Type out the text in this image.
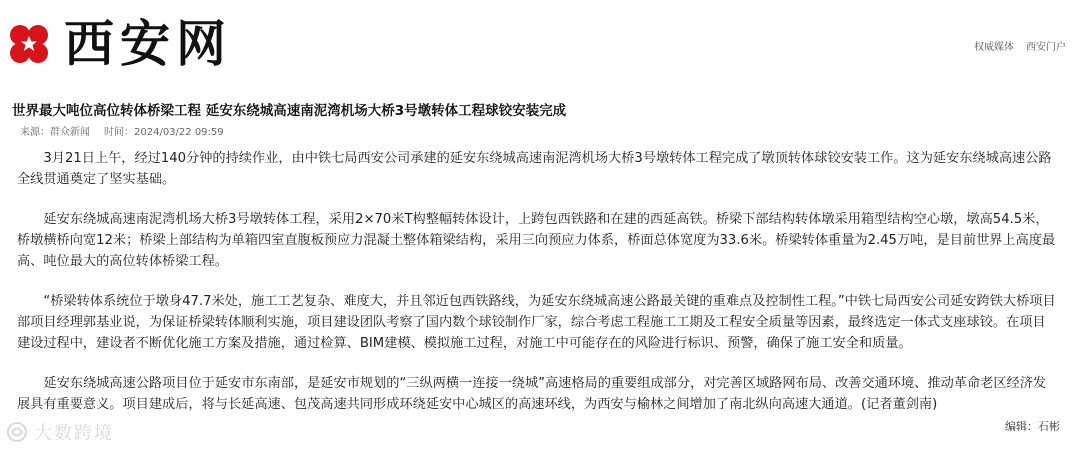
西安网	权威媒体 西安门户
世界最大吨位高位转体桥梁工程 延安东绕城高速南泥湾机场大桥3号墩转体工程球铰安装完成
来源：群众新闻 时间：2024/03/22 09:59

3月21日上午，经过140分钟的持续作业，由中铁七局西安公司承建的延安东绕城高速南泥湾机场大桥3号墩转体工程完成了墩顶转体球铰安装工作。这为延安东绕城高速公路全线贯通奠定了坚实基础。

延安东绕城高速南泥湾机场大桥3号墩转体工程，采用2×70米T构整幅转体设计，上跨包西铁路和在建的西延高铁。桥梁下部结构转体墩采用箱型结构空心墩，墩高54.5米，桥墩横桥向宽12米；桥梁上部结构为单箱四室直腹板预应力混凝土整体箱梁结构，采用三向预应力体系，桥面总体宽度为33.6米。桥梁转体重量为2.45万吨，是目前世界上高度最高、吨位最大的高位转体桥梁工程。

“桥梁转体系统位于墩身47.7米处，施工工艺复杂、难度大，并且邻近包西铁路线，为延安东绕城高速公路最关键的重难点及控制性工程。”中铁七局西安公司延安跨铁大桥项目部项目经理郭基业说，为保证桥梁转体顺利实施，项目建设团队考察了国内数个球铰制作厂家，综合考虑工程施工工期及工程安全质量等因素，最终选定一体式支座球铰。在项目建设过程中，建设者不断优化施工方案及措施，通过检算、BIM建模、模拟施工过程，对施工中可能存在的风险进行标识、预警，确保了施工安全和质量。

延安东绕城高速公路项目位于延安市东南部，是延安市规划的“三纵两横一连接一绕城”高速格局的重要组成部分，对完善区域路网布局、改善交通环境、推动革命老区经济发展具有重要意义。项目建成后，将与长延高速、包茂高速共同形成环绕延安中心城区的高速环线，为西安与榆林之间增加了南北纵向高速大通道。(记者董剑南)

编辑：石彬
大数跨境
